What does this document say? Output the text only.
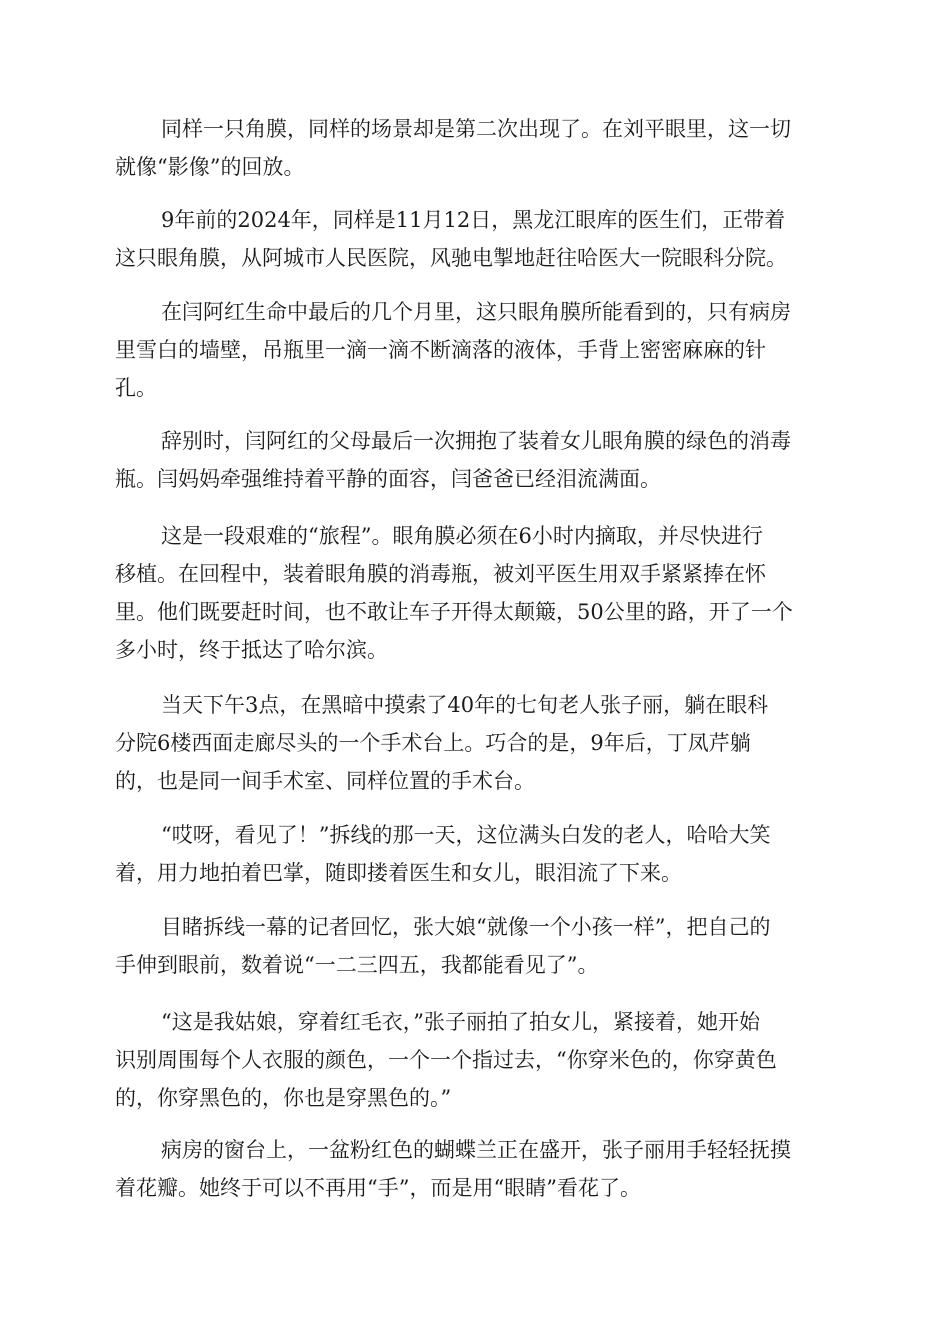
同样一只角膜，同样的场景却是第二次出现了。在刘平眼里，这一切
就像“影像”的回放。
9年前的2024年，同样是11月12日，黑龙江眼库的医生们，正带着
这只眼角膜，从阿城市人民医院，风驰电掣地赶往哈医大一院眼科分院。
在闫阿红生命中最后的几个月里，这只眼角膜所能看到的，只有病房
里雪白的墙壁，吊瓶里一滴一滴不断滴落的液体，手背上密密麻麻的针
孔。
辞别时，闫阿红的父母最后一次拥抱了装着女儿眼角膜的绿色的消毒
瓶。闫妈妈牵强维持着平静的面容，闫爸爸已经泪流满面。
这是一段艰难的“旅程”。眼角膜必须在6小时内摘取，并尽快进行
移植。在回程中，装着眼角膜的消毒瓶，被刘平医生用双手紧紧捧在怀
里。他们既要赶时间，也不敢让车子开得太颠簸，50公里的路，开了一个
多小时，终于抵达了哈尔滨。
当天下午3点，在黑暗中摸索了40年的七旬老人张子丽，躺在眼科
分院6楼西面走廊尽头的一个手术台上。巧合的是，9年后，丁凤芹躺
的，也是同一间手术室、同样位置的手术台。
“哎呀，看见了！”拆线的那一天，这位满头白发的老人，哈哈大笑
着，用力地拍着巴掌，随即搂着医生和女儿，眼泪流了下来。
目睹拆线一幕的记者回忆，张大娘“就像一个小孩一样”，把自己的
手伸到眼前，数着说“一二三四五，我都能看见了”。
“这是我姑娘，穿着红毛衣，”张子丽拍了拍女儿，紧接着，她开始
识别周围每个人衣服的颜色，一个一个指过去，“你穿米色的，你穿黄色
的，你穿黑色的，你也是穿黑色的。”
病房的窗台上，一盆粉红色的蝴蝶兰正在盛开，张子丽用手轻轻抚摸
着花瓣。她终于可以不再用“手”，而是用“眼睛”看花了。
